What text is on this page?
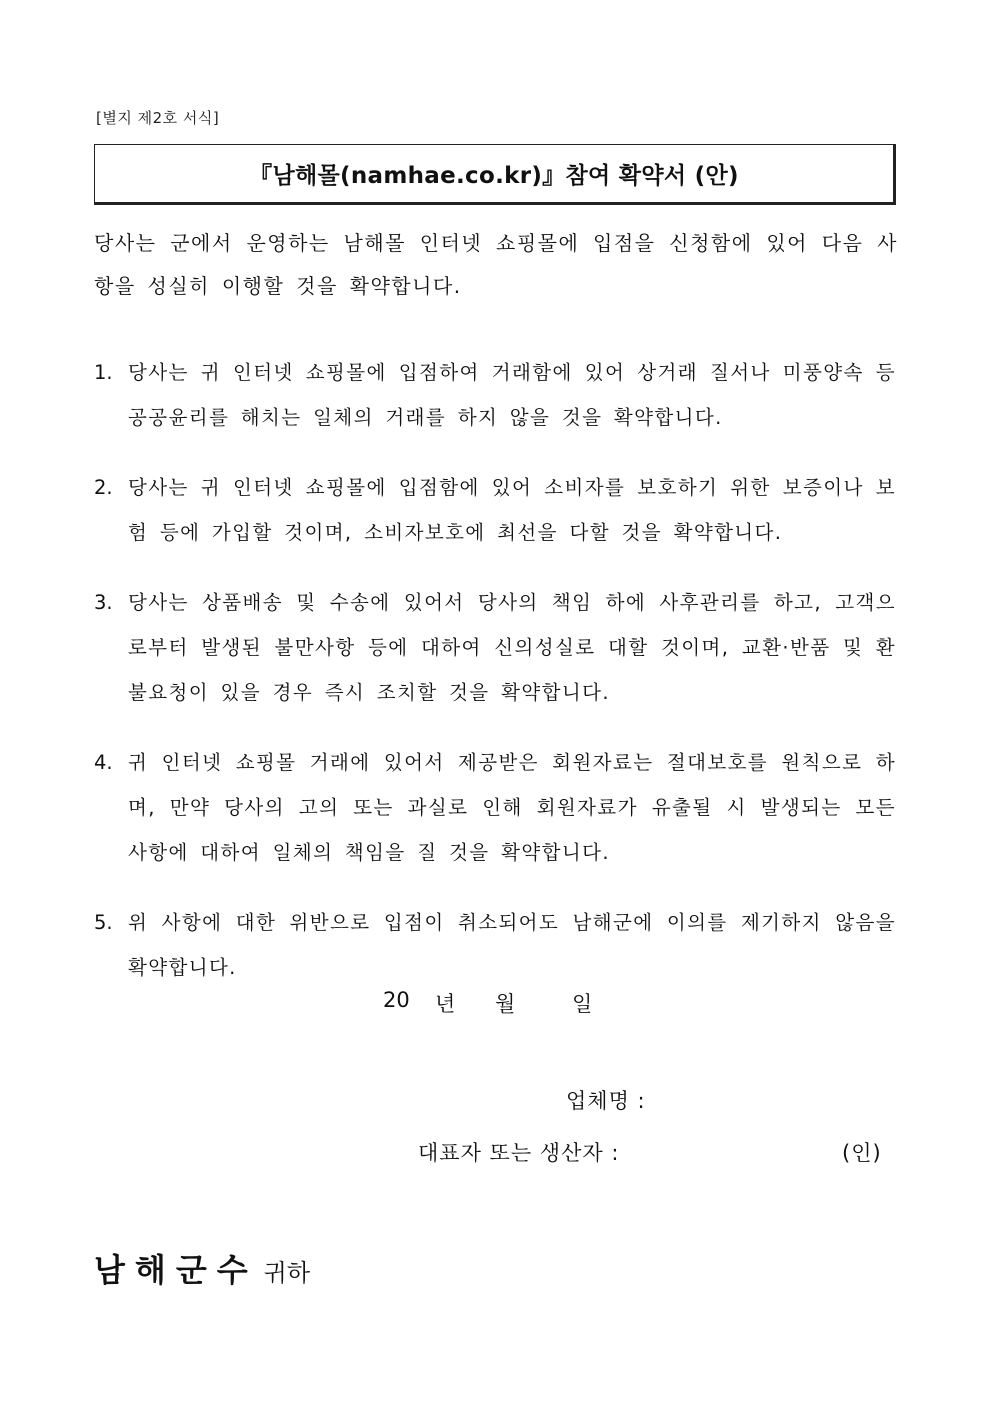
[별지 제2호 서식]
『남해몰(namhae.co.kr)』참여 확약서 (안)
당사는 군에서 운영하는 남해몰 인터넷 쇼핑몰에 입점을 신청함에 있어 다음 사항을 성실히 이행할 것을 확약합니다.
1. 당사는 귀 인터넷 쇼핑몰에 입점하여 거래함에 있어 상거래 질서나 미풍양속 등 공공윤리를 해치는 일체의 거래를 하지 않을 것을 확약합니다.
2. 당사는 귀 인터넷 쇼핑몰에 입점함에 있어 소비자를 보호하기 위한 보증이나 보험 등에 가입할 것이며, 소비자보호에 최선을 다할 것을 확약합니다.
3. 당사는 상품배송 및 수송에 있어서 당사의 책임 하에 사후관리를 하고, 고객으로부터 발생된 불만사항 등에 대하여 신의성실로 대할 것이며, 교환·반품 및 환불요청이 있을 경우 즉시 조치할 것을 확약합니다.
4. 귀 인터넷 쇼핑몰 거래에 있어서 제공받은 회원자료는 절대보호를 원칙으로 하며, 만약 당사의 고의 또는 과실로 인해 회원자료가 유출될 시 발생되는 모든 사항에 대하여 일체의 책임을 질 것을 확약합니다.
5. 위 사항에 대한 위반으로 입점이 취소되어도 남해군에 이의를 제기하지 않음을 확약합니다.
20	년	월	일
업체명 :
대표자 또는 생산자 :	(인)
남해군수 귀하
